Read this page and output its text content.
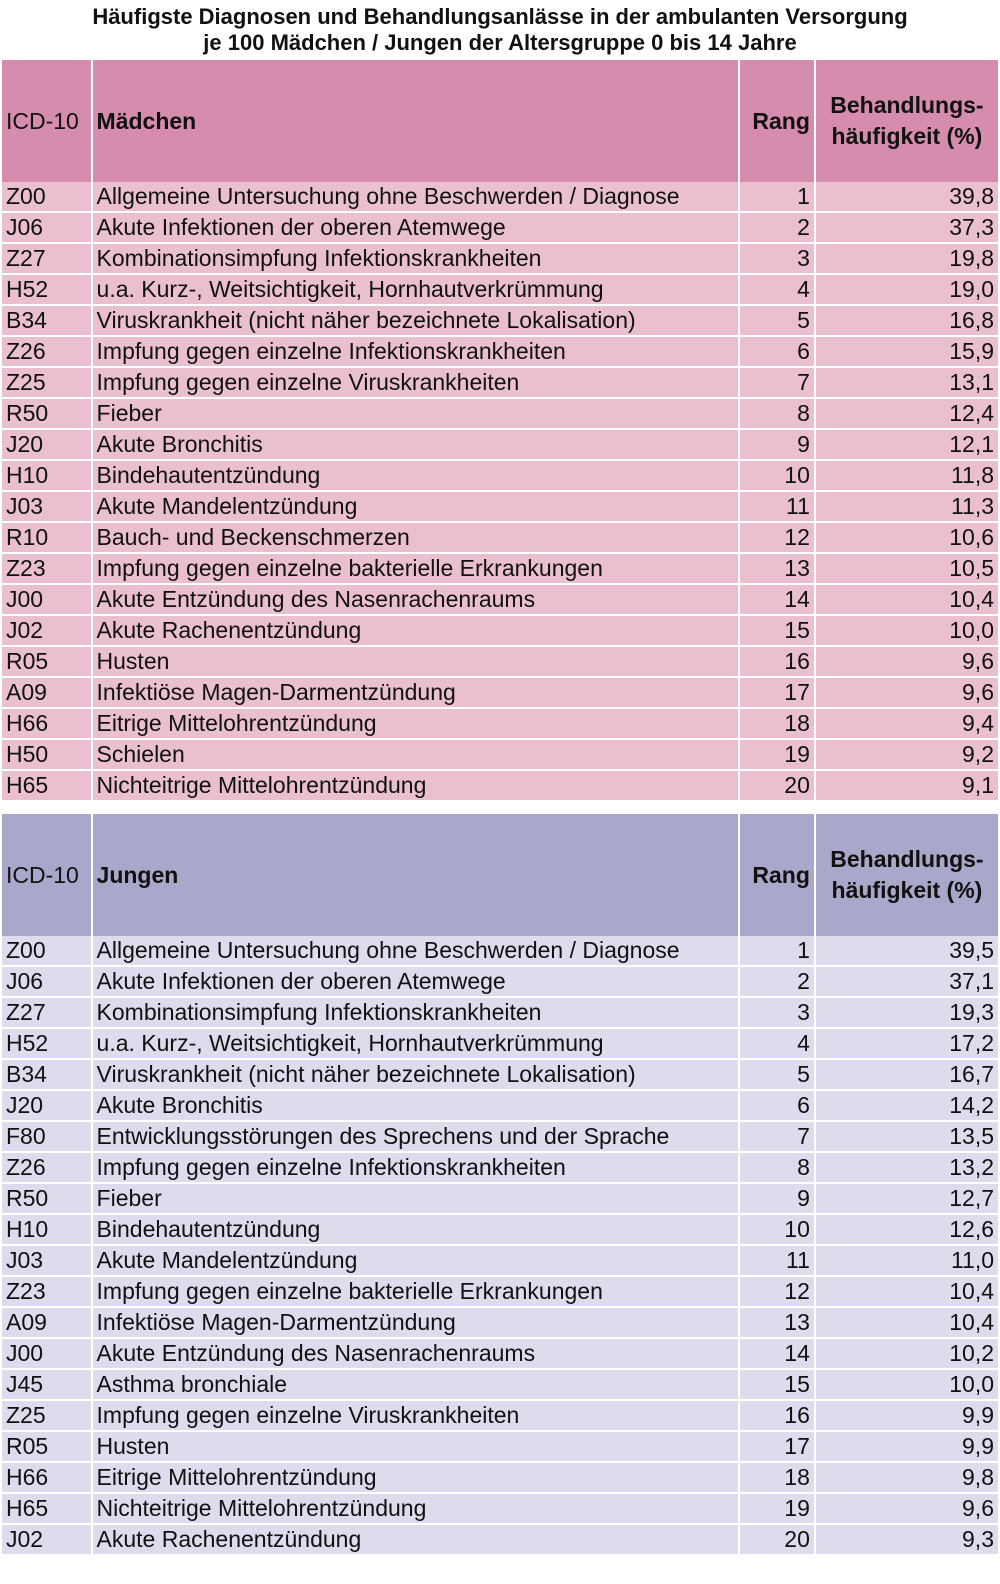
Häufigste Diagnosen und Behandlungsanlässe in der ambulanten Versorgung
je 100 Mädchen / Jungen der Altersgruppe 0 bis 14 Jahre
ICD-10	Mädchen	Rang	Behandlungs-
häufigkeit (%)
Z00	Allgemeine Untersuchung ohne Beschwerden / Diagnose	1	39,8
J06	Akute Infektionen der oberen Atemwege	2	37,3
Z27	Kombinationsimpfung Infektionskrankheiten	3	19,8
H52	u.a. Kurz-, Weitsichtigkeit, Hornhautverkrümmung	4	19,0
B34	Viruskrankheit (nicht näher bezeichnete Lokalisation)	5	16,8
Z26	Impfung gegen einzelne Infektionskrankheiten	6	15,9
Z25	Impfung gegen einzelne Viruskrankheiten	7	13,1
R50	Fieber	8	12,4
J20	Akute Bronchitis	9	12,1
H10	Bindehautentzündung	10	11,8
J03	Akute Mandelentzündung	11	11,3
R10	Bauch- und Beckenschmerzen	12	10,6
Z23	Impfung gegen einzelne bakterielle Erkrankungen	13	10,5
J00	Akute Entzündung des Nasenrachenraums	14	10,4
J02	Akute Rachenentzündung	15	10,0
R05	Husten	16	9,6
A09	Infektiöse Magen-Darmentzündung	17	9,6
H66	Eitrige Mittelohrentzündung	18	9,4
H50	Schielen	19	9,2
H65	Nichteitrige Mittelohrentzündung	20	9,1

ICD-10	Jungen	Rang	Behandlungs-
häufigkeit (%)
Z00	Allgemeine Untersuchung ohne Beschwerden / Diagnose	1	39,5
J06	Akute Infektionen der oberen Atemwege	2	37,1
Z27	Kombinationsimpfung Infektionskrankheiten	3	19,3
H52	u.a. Kurz-, Weitsichtigkeit, Hornhautverkrümmung	4	17,2
B34	Viruskrankheit (nicht näher bezeichnete Lokalisation)	5	16,7
J20	Akute Bronchitis	6	14,2
F80	Entwicklungsstörungen des Sprechens und der Sprache	7	13,5
Z26	Impfung gegen einzelne Infektionskrankheiten	8	13,2
R50	Fieber	9	12,7
H10	Bindehautentzündung	10	12,6
J03	Akute Mandelentzündung	11	11,0
Z23	Impfung gegen einzelne bakterielle Erkrankungen	12	10,4
A09	Infektiöse Magen-Darmentzündung	13	10,4
J00	Akute Entzündung des Nasenrachenraums	14	10,2
J45	Asthma bronchiale	15	10,0
Z25	Impfung gegen einzelne Viruskrankheiten	16	9,9
R05	Husten	17	9,9
H66	Eitrige Mittelohrentzündung	18	9,8
H65	Nichteitrige Mittelohrentzündung	19	9,6
J02	Akute Rachenentzündung	20	9,3
